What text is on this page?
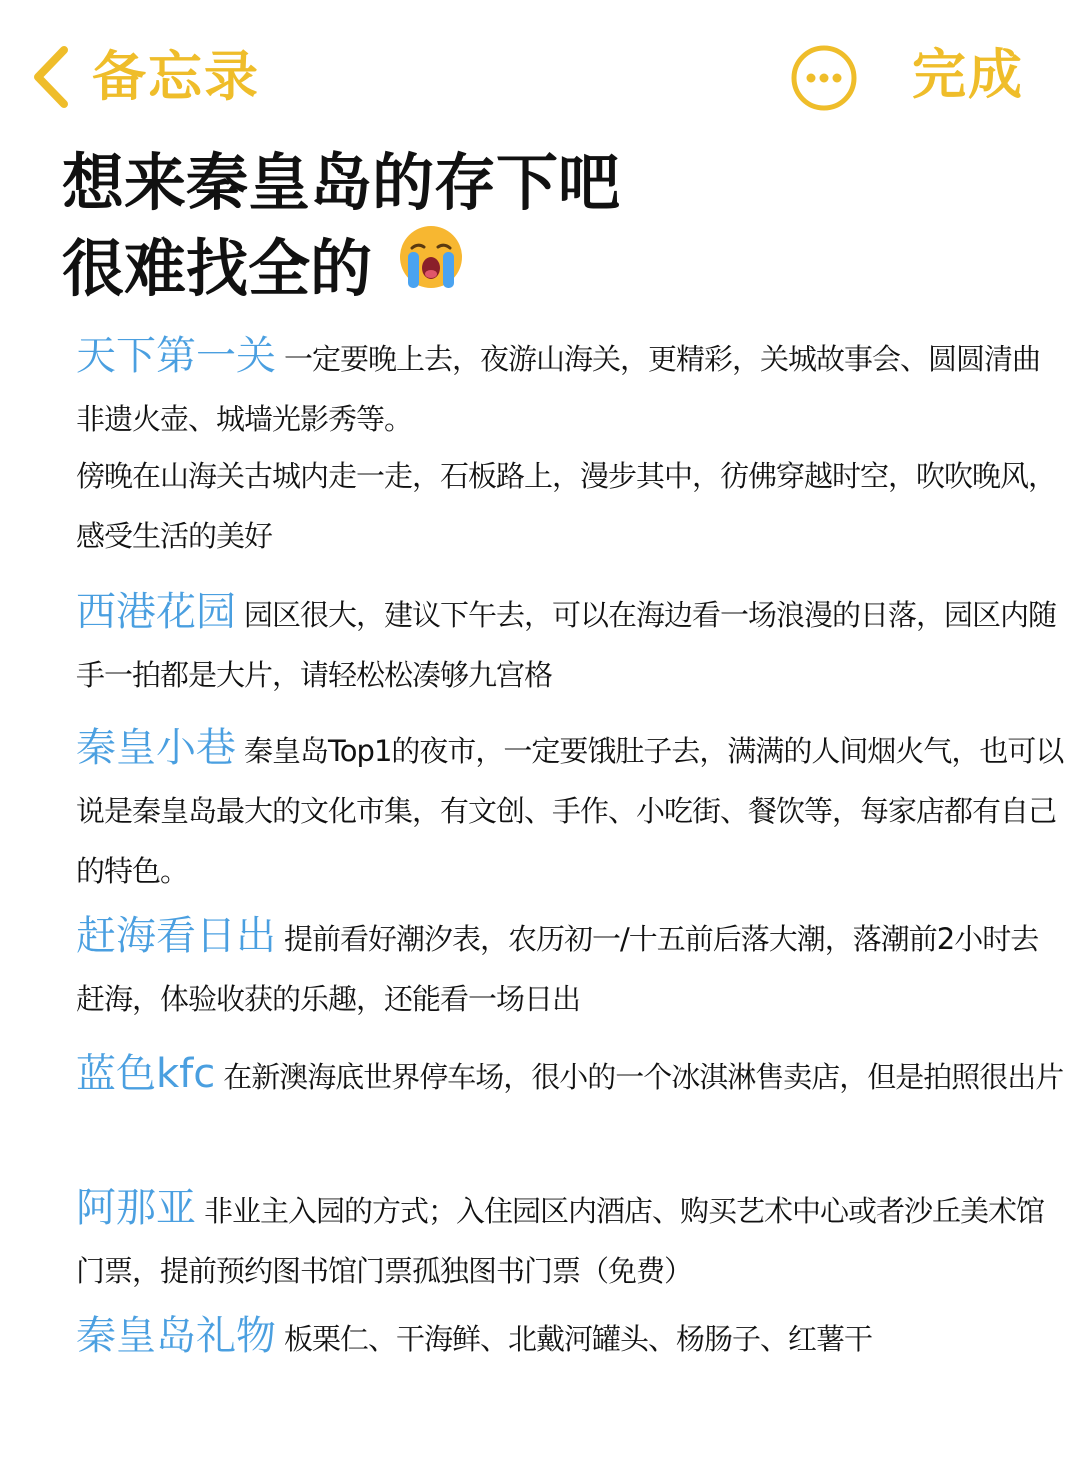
备忘录	完成
想来秦皇岛的存下吧
很难找全的
天下第一关 一定要晚上去，夜游山海关，更精彩，关城故事会、圆圆清曲非遗火壶、城墙光影秀等。
傍晚在山海关古城内走一走，石板路上，漫步其中，彷佛穿越时空，吹吹晚风，感受生活的美好
西港花园 园区很大，建议下午去，可以在海边看一场浪漫的日落，园区内随手一拍都是大片，请轻松松凑够九宫格
秦皇小巷 秦皇岛Top1的夜市，一定要饿肚子去，满满的人间烟火气，也可以说是秦皇岛最大的文化市集，有文创、手作、小吃街、餐饮等，每家店都有自己的特色。
赶海看日出 提前看好潮汐表，农历初一/十五前后落大潮，落潮前2小时去赶海，体验收获的乐趣，还能看一场日出
蓝色kfc 在新澳海底世界停车场，很小的一个冰淇淋售卖店，但是拍照很出片
阿那亚 非业主入园的方式；入住园区内酒店、购买艺术中心或者沙丘美术馆门票，提前预约图书馆门票孤独图书门票（免费）
秦皇岛礼物 板栗仁、干海鲜、北戴河罐头、杨肠子、红薯干
